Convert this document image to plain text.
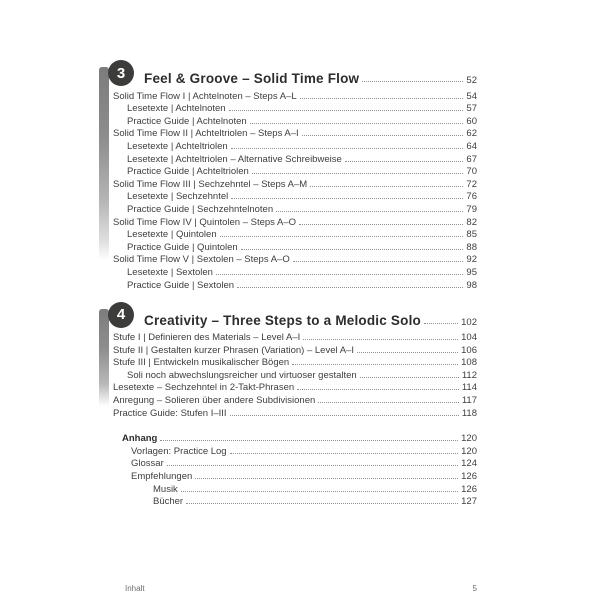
3	Feel & Groove – Solid Time Flow	52
Solid Time Flow I | Achtelnoten – Steps A–L	54
Lesetexte | Achtelnoten	57
Practice Guide | Achtelnoten	60
Solid Time Flow II | Achteltriolen – Steps A–I	62
Lesetexte | Achteltriolen	64
Lesetexte | Achteltriolen – Alternative Schreibweise	67
Practice Guide | Achteltriolen	70
Solid Time Flow III | Sechzehntel – Steps A–M	72
Lesetexte | Sechzehntel	76
Practice Guide | Sechzehntelnoten	79
Solid Time Flow IV | Quintolen – Steps A–O	82
Lesetexte | Quintolen	85
Practice Guide | Quintolen	88
Solid Time Flow V | Sextolen – Steps A–O	92
Lesetexte | Sextolen	95
Practice Guide | Sextolen	98
4	Creativity – Three Steps to a Melodic Solo	102
Stufe I | Definieren des Materials – Level A–I	104
Stufe II | Gestalten kurzer Phrasen (Variation) – Level A–I	106
Stufe III | Entwickeln musikalischer Bögen	108
Soli noch abwechslungsreicher und virtuoser gestalten	112
Lesetexte – Sechzehntel in 2-Takt-Phrasen	114
Anregung – Solieren über andere Subdivisionen	117
Practice Guide: Stufen I–III	118
Anhang	120
Vorlagen: Practice Log	120
Glossar	124
Empfehlungen	126
Musik	126
Bücher	127
Inhalt	5
